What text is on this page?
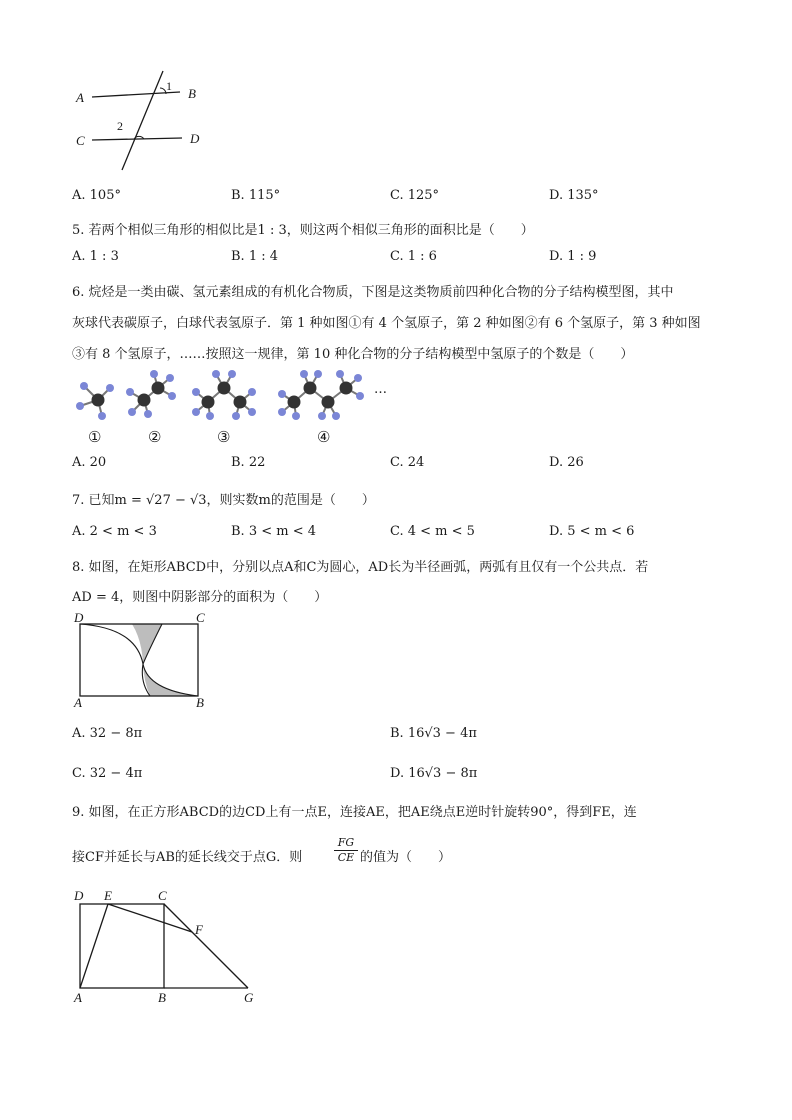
A	B
C	D
1
2
A. 105°	B. 115°	C. 125°	D. 135°
5. 若两个相似三角形的相似比是1 : 3，则这两个相似三角形的面积比是（　　）
A. 1 : 3	B. 1 : 4	C. 1 : 6	D. 1 : 9
6. 烷烃是一类由碳、氢元素组成的有机化合物质，下图是这类物质前四种化合物的分子结构模型图，其中
灰球代表碳原子，白球代表氢原子．第 1 种如图①有 4 个氢原子，第 2 种如图②有 6 个氢原子，第 3 种如图
③有 8 个氢原子，……按照这一规律，第 10 种化合物的分子结构模型中氢原子的个数是（　　）
…
①	②	③	④
A. 20	B. 22	C. 24	D. 26
7. 已知m = √27 − √3，则实数m的范围是（　　）
A. 2 < m < 3	B. 3 < m < 4	C. 4 < m < 5	D. 5 < m < 6
8. 如图，在矩形ABCD中，分别以点A和C为圆心，AD长为半径画弧，两弧有且仅有一个公共点．若
AD = 4，则图中阴影部分的面积为（　　）
D	C
A	B
A. 32 − 8π	B. 16√3 − 4π
C. 32 − 4π	D. 16√3 − 8π
9. 如图，在正方形ABCD的边CD上有一点E，连接AE，把AE绕点E逆时针旋转90°，得到FE，连
接CF并延长与AB的延长线交于点G．则	$\frac{FG}{CE}$ 的值为（　　）
D E	C
F
A	B	G
